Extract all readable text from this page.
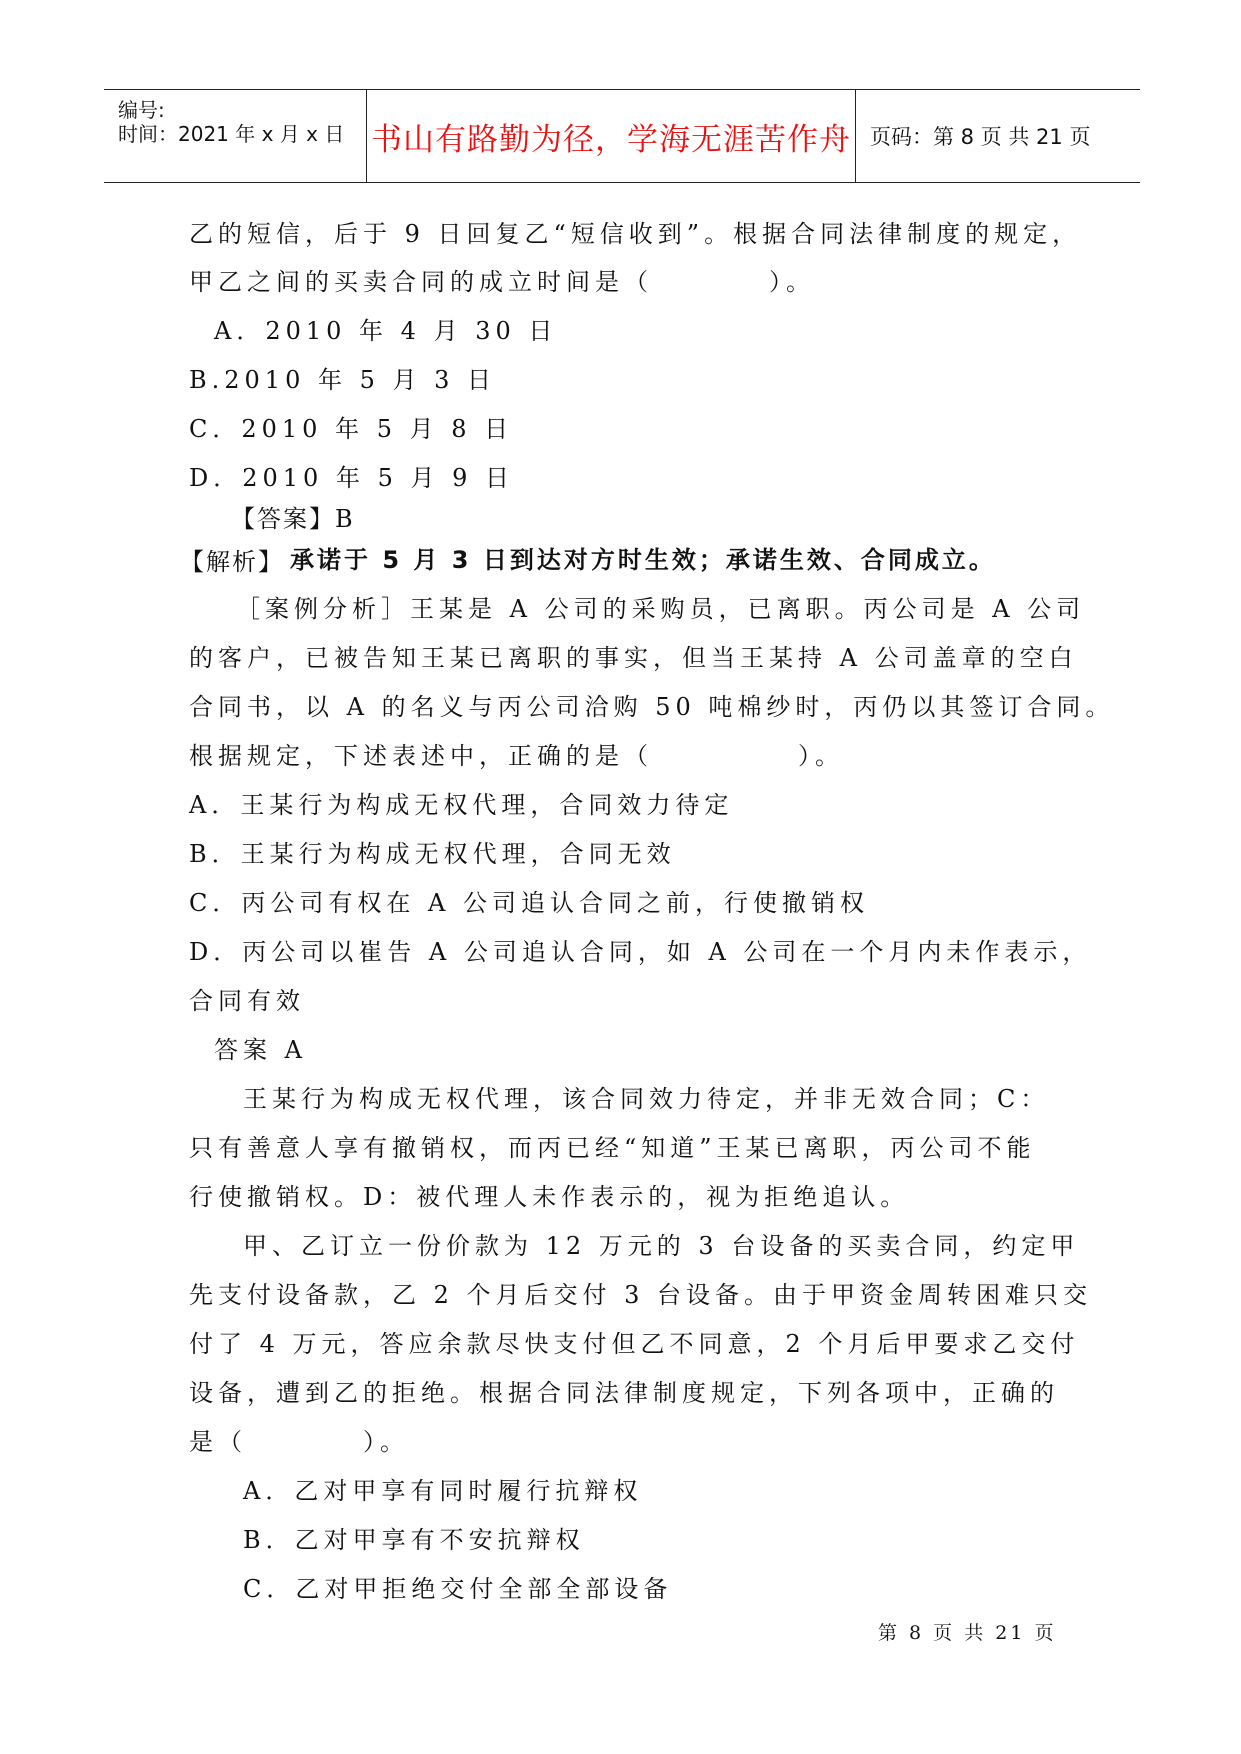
编号:
时间：2021 年 x 月 x 日 书山有路勤为径，学海无涯苦作舟 页码：第 8 页 共 21 页
乙的短信，后于 9 日回复乙“短信收到”。根据合同法律制度的规定，
甲乙之间的买卖合同的成立时间是（　　　　）。
A．2010 年 4 月 30 日
B.2010 年 5 月 3 日
C．2010 年 5 月 8 日
D．2010 年 5 月 9 日
【答案】B
【解析】 承诺于 5 月 3 日到达对方时生效；承诺生效、合同成立。
［案例分析］王某是 A 公司的采购员，已离职。丙公司是 A 公司
的客户，已被告知王某已离职的事实，但当王某持 A 公司盖章的空白
合同书，以 A 的名义与丙公司洽购 50 吨棉纱时，丙仍以其签订合同。
根据规定，下述表述中，正确的是（　　　　　）。
A．王某行为构成无权代理，合同效力待定
B．王某行为构成无权代理，合同无效
C．丙公司有权在 A 公司追认合同之前，行使撤销权
D．丙公司以崔告 A 公司追认合同，如 A 公司在一个月内未作表示，
合同有效
答案 A
王某行为构成无权代理，该合同效力待定，并非无效合同；C：
只有善意人享有撤销权，而丙已经“知道”王某已离职，丙公司不能
行使撤销权。D：被代理人未作表示的，视为拒绝追认。
甲、乙订立一份价款为 12 万元的 3 台设备的买卖合同，约定甲
先支付设备款，乙 2 个月后交付 3 台设备。由于甲资金周转困难只交
付了 4 万元，答应余款尽快支付但乙不同意，2 个月后甲要求乙交付
设备，遭到乙的拒绝。根据合同法律制度规定，下列各项中，正确的
是（　　　　）。
A．乙对甲享有同时履行抗辩权
B．乙对甲享有不安抗辩权
C．乙对甲拒绝交付全部全部设备
第 8 页 共 21 页
